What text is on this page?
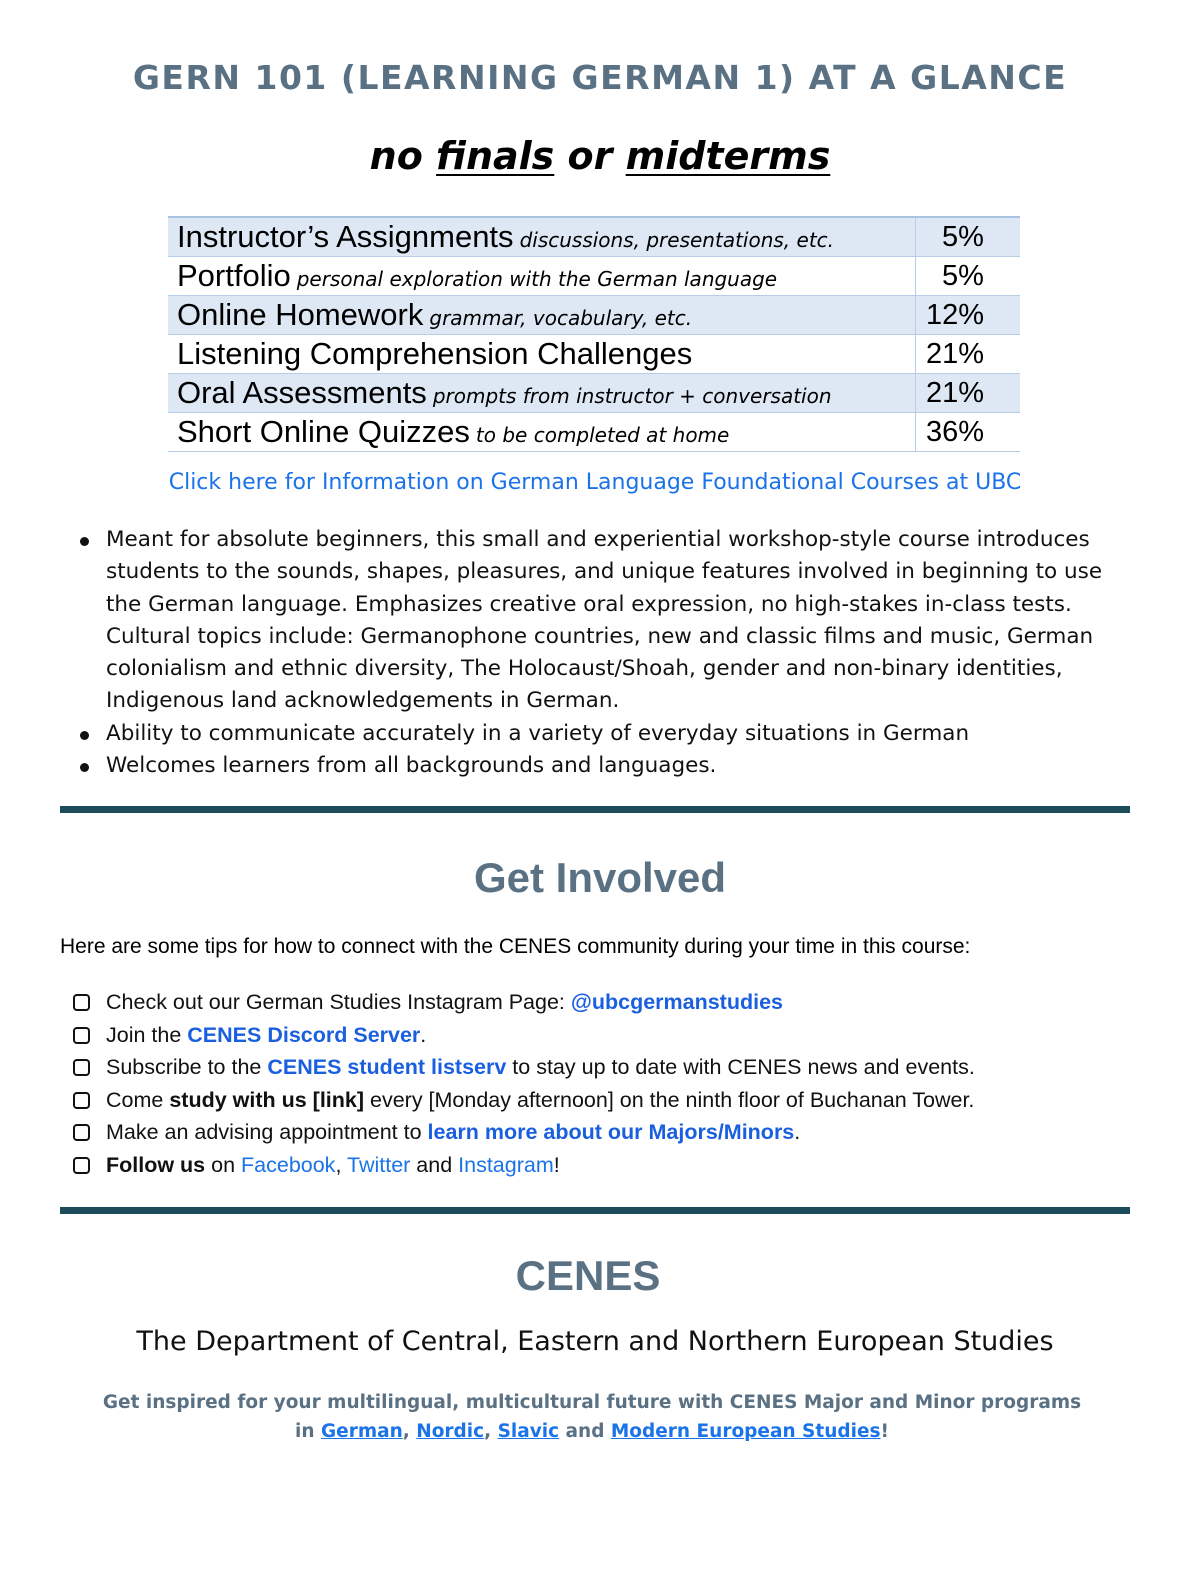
GERN 101 (LEARNING GERMAN 1) AT A GLANCE
no finals or midterms
Instructor’s Assignments discussions, presentations, etc.	5%
Portfolio personal exploration with the German language	5%
Online Homework grammar, vocabulary, etc.	12%
Listening Comprehension Challenges	21%
Oral Assessments prompts from instructor + conversation	21%
Short Online Quizzes to be completed at home	36%
Click here for Information on German Language Foundational Courses at UBC
Meant for absolute beginners, this small and experiential workshop-style course introduces students to the sounds, shapes, pleasures, and unique features involved in beginning to use the German language. Emphasizes creative oral expression, no high-stakes in-class tests. Cultural topics include: Germanophone countries, new and classic films and music, German colonialism and ethnic diversity, The Holocaust/Shoah, gender and non-binary identities, Indigenous land acknowledgements in German.
Ability to communicate accurately in a variety of everyday situations in German
Welcomes learners from all backgrounds and languages.
Get Involved
Here are some tips for how to connect with the CENES community during your time in this course:
Check out our German Studies Instagram Page: @ubcgermanstudies
Join the CENES Discord Server.
Subscribe to the CENES student listserv to stay up to date with CENES news and events.
Come study with us [link] every [Monday afternoon] on the ninth floor of Buchanan Tower.
Make an advising appointment to learn more about our Majors/Minors.
Follow us on Facebook, Twitter and Instagram!
CENES
The Department of Central, Eastern and Northern European Studies
Get inspired for your multilingual, multicultural future with CENES Major and Minor programs
in German, Nordic, Slavic and Modern European Studies!
